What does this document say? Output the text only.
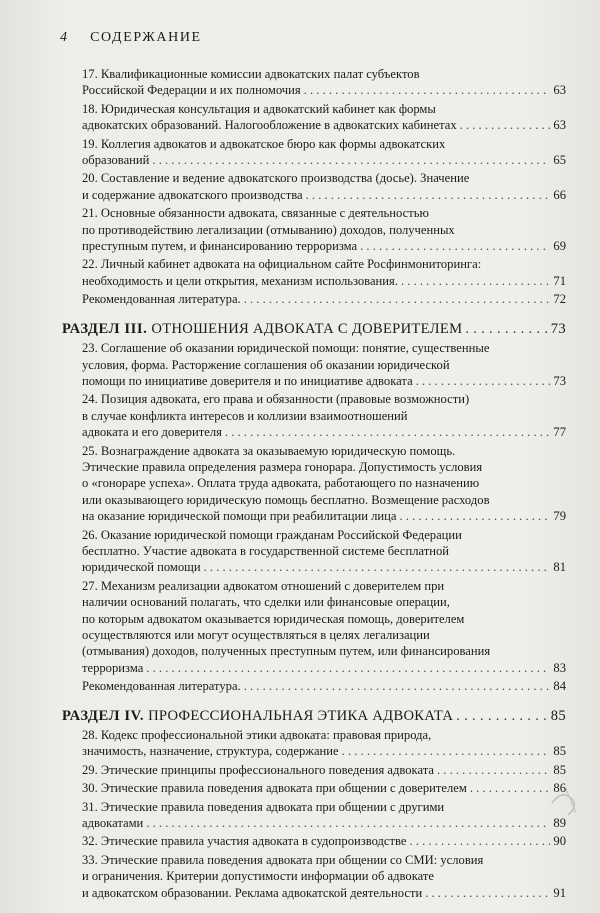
4 СОДЕРЖАНИЕ
17. Квалификационные комиссии адвокатских палат субъектов
Российской Федерации и их полномочия . . .	63
18. Юридическая консультация и адвокатский кабинет как формы
адвокатских образований. Налогообложение в адвокатских кабинетах . . .	63
19. Коллегия адвокатов и адвокатское бюро как формы адвокатских
образований . . .	65
20. Составление и ведение адвокатского производства (досье). Значение
и содержание адвокатского производства . . .	66
21. Основные обязанности адвоката, связанные с деятельностью
по противодействию легализации (отмыванию) доходов, полученных
преступным путем, и финансированию терроризма . . .	69
22. Личный кабинет адвоката на официальном сайте Росфинмониторинга:
необходимость и цели открытия, механизм использования. . . .	71
Рекомендованная литература. . . .	72
РАЗДЕЛ III. ОТНОШЕНИЯ АДВОКАТА С ДОВЕРИТЕЛЕМ . . .	73
23. Соглашение об оказании юридической помощи: понятие, существенные
условия, форма. Расторжение соглашения об оказании юридической
помощи по инициативе доверителя и по инициативе адвоката . . .	73
24. Позиция адвоката, его права и обязанности (правовые возможности)
в случае конфликта интересов и коллизии взаимоотношений
адвоката и его доверителя . . .	77
25. Вознаграждение адвоката за оказываемую юридическую помощь.
Этические правила определения размера гонорара. Допустимость условия
о «гонораре успеха». Оплата труда адвоката, работающего по назначению
или оказывающего юридическую помощь бесплатно. Возмещение расходов
на оказание юридической помощи при реабилитации лица . . .	79
26. Оказание юридической помощи гражданам Российской Федерации
бесплатно. Участие адвоката в государственной системе бесплатной
юридической помощи . . .	81
27. Механизм реализации адвокатом отношений с доверителем при
наличии оснований полагать, что сделки или финансовые операции,
по которым адвокатом оказывается юридическая помощь, доверителем
осуществляются или могут осуществляться в целях легализации
(отмывания) доходов, полученных преступным путем, или финансирования
терроризма . . .	83
Рекомендованная литература. . . .	84
РАЗДЕЛ IV. ПРОФЕССИОНАЛЬНАЯ ЭТИКА АДВОКАТА . . .	85
28. Кодекс профессиональной этики адвоката: правовая природа,
значимость, назначение, структура, содержание . . .	85
29. Этические принципы профессионального поведения адвоката . . .	85
30. Этические правила поведения адвоката при общении с доверителем . . .	86
31. Этические правила поведения адвоката при общении с другими
адвокатами . . .	89
32. Этические правила участия адвоката в судопроизводстве . . .	90
33. Этические правила поведения адвоката при общении со СМИ: условия
и ограничения. Критерии допустимости информации об адвокате
и адвокатском образовании. Реклама адвокатской деятельности . . .	91
